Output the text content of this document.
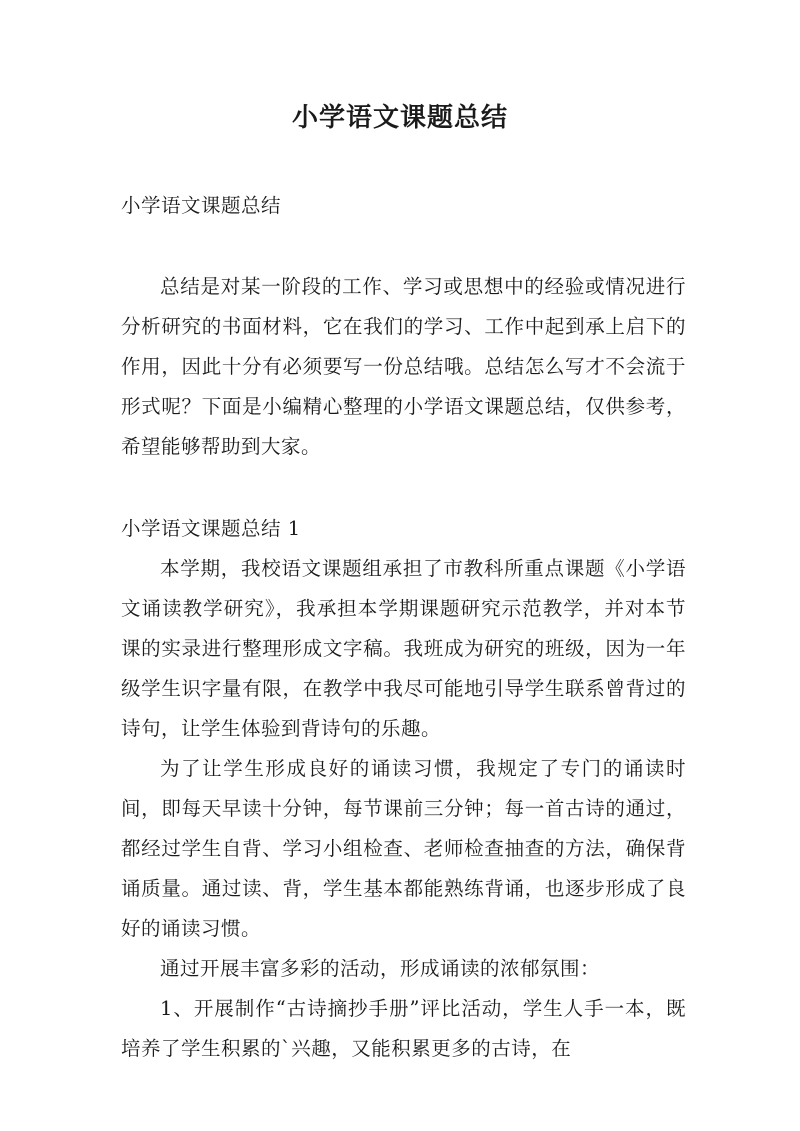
小学语文课题总结

小学语文课题总结

总结是对某一阶段的工作、学习或思想中的经验或情况进行分析研究的书面材料，它在我们的学习、工作中起到承上启下的作用，因此十分有必须要写一份总结哦。总结怎么写才不会流于形式呢？下面是小编精心整理的小学语文课题总结，仅供参考，希望能够帮助到大家。

小学语文课题总结 1

本学期，我校语文课题组承担了市教科所重点课题《小学语文诵读教学研究》，我承担本学期课题研究示范教学，并对本节课的实录进行整理形成文字稿。我班成为研究的班级，因为一年级学生识字量有限，在教学中我尽可能地引导学生联系曾背过的诗句，让学生体验到背诗句的乐趣。

为了让学生形成良好的诵读习惯，我规定了专门的诵读时间，即每天早读十分钟，每节课前三分钟；每一首古诗的通过，都经过学生自背、学习小组检查、老师检查抽查的方法，确保背诵质量。通过读、背，学生基本都能熟练背诵，也逐步形成了良好的诵读习惯。

通过开展丰富多彩的活动，形成诵读的浓郁氛围：

1、开展制作“古诗摘抄手册”评比活动，学生人手一本，既培养了学生积累的`兴趣，又能积累更多的古诗，在
